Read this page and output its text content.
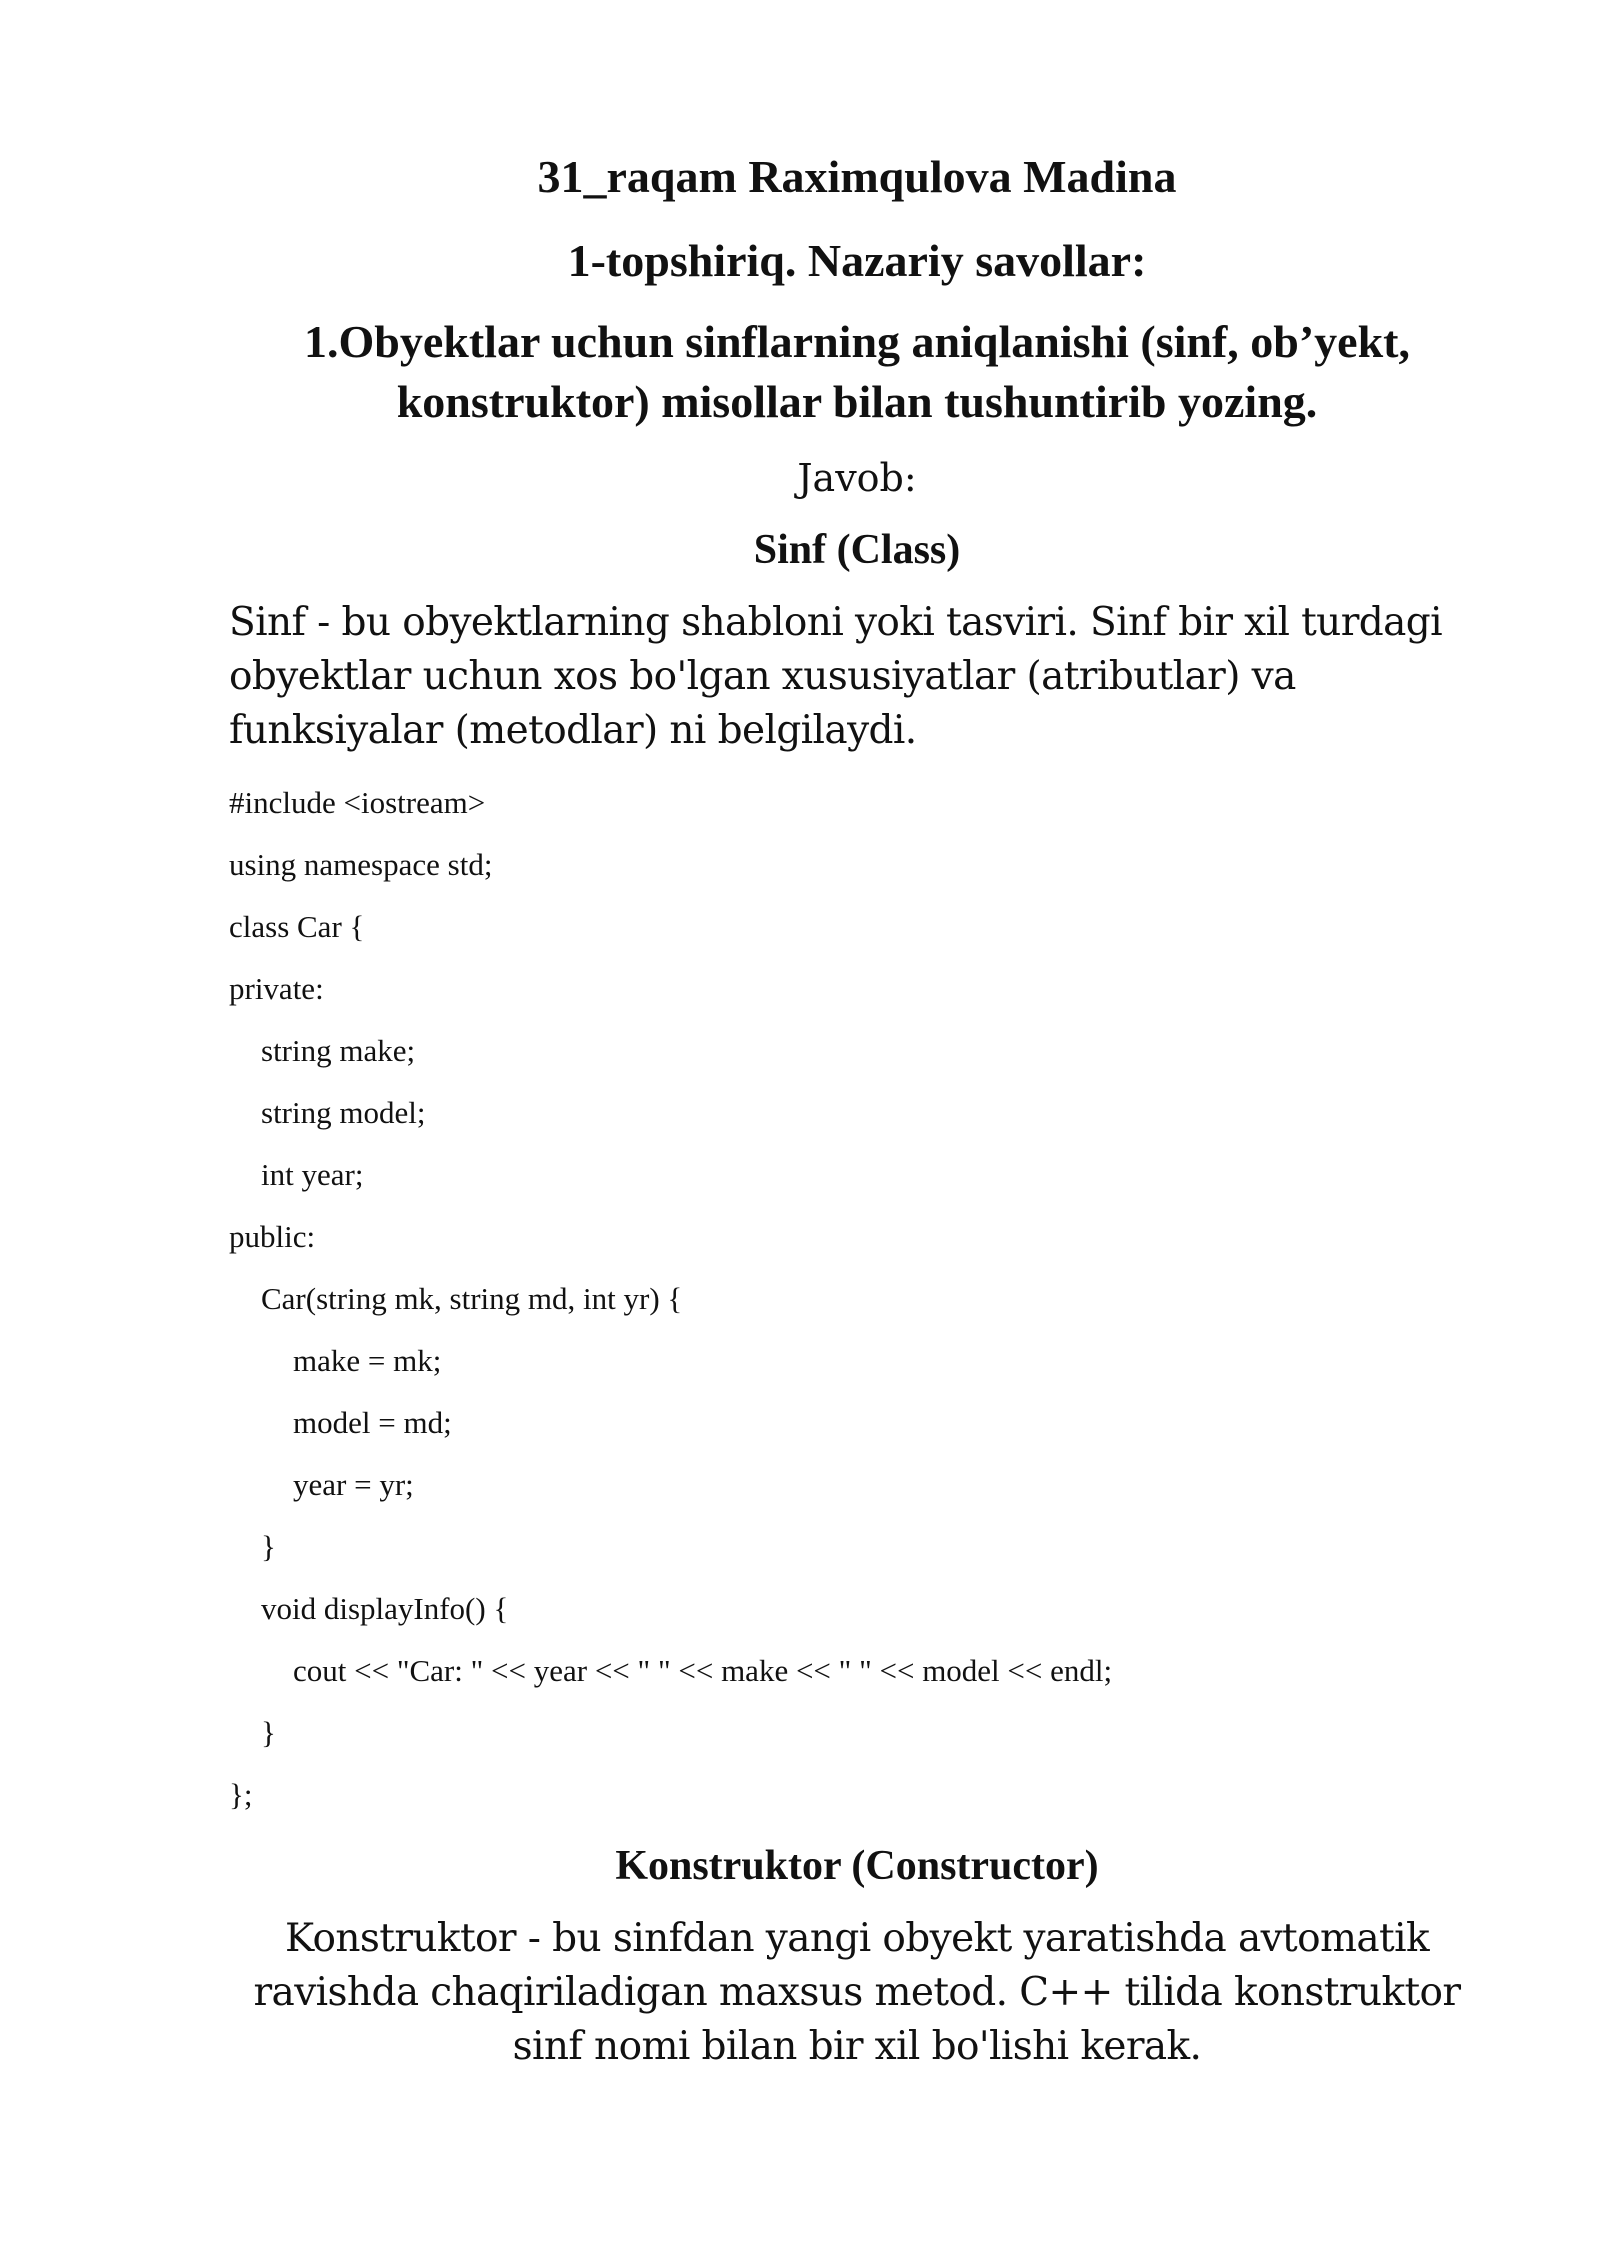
31_raqam Raximqulova Madina
1-topshiriq. Nazariy savollar:
1.Obyektlar uchun sinflarning aniqlanishi (sinf, ob’yekt, konstruktor) misollar bilan tushuntirib yozing.
Javob:
Sinf (Class)

Sinf - bu obyektlarning shabloni yoki tasviri. Sinf bir xil turdagi obyektlar uchun xos bo'lgan xususiyatlar (atributlar) va funksiyalar (metodlar) ni belgilaydi.

#include <iostream>
using namespace std;
class Car {
private:
string make;
string model;
int year;
public:
Car(string mk, string md, int yr) {
make = mk;
model = md;
year = yr;
}
void displayInfo() {
cout << "Car: " << year << " " << make << " " << model << endl;
}
};
Konstruktor (Constructor)

Konstruktor - bu sinfdan yangi obyekt yaratishda avtomatik ravishda chaqiriladigan maxsus metod. C++ tilida konstruktor sinf nomi bilan bir xil bo'lishi kerak.
